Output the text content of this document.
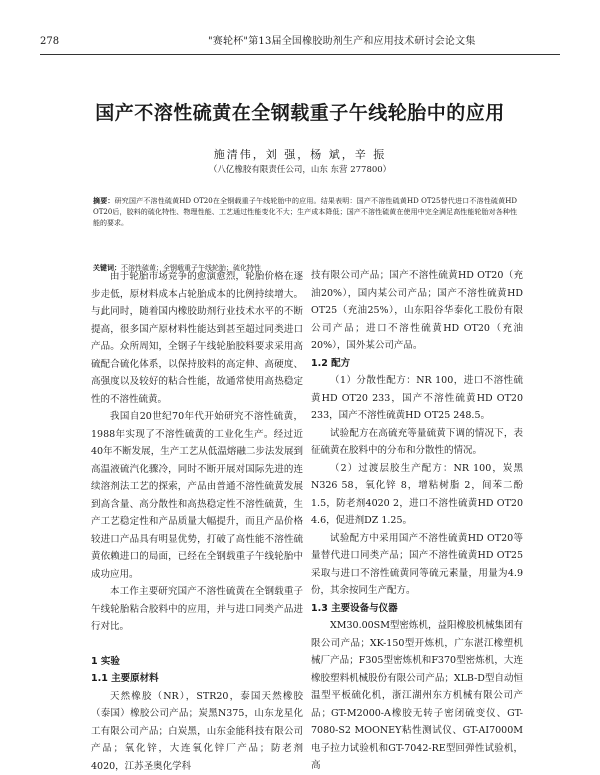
278	"赛轮杯"第13届全国橡胶助剂生产和应用技术研讨会论文集
国产不溶性硫黄在全钢载重子午线轮胎中的应用
施清伟，刘 强，杨 斌，辛 振
（八亿橡胶有限责任公司，山东 东营 277800）
摘要：研究国产不溶性硫黄HD OT20在全钢载重子午线轮胎中的应用。结果表明：国产不溶性硫黄HD OT25替代进口不溶性硫黄HD OT20后，胶料的硫化特性、物理性能、工艺通过性能变化不大；生产成本降低；国产不溶性硫黄在使用中完全满足高性能轮胎对各种性能的要求。
关键词：不溶性硫黄；全钢载重子午线轮胎；硫化特性

由于轮胎市场竞争的愈演愈烈，轮胎价格在逐步走低，原材料成本占轮胎成本的比例持续增大。与此同时，随着国内橡胶助剂行业技术水平的不断提高，很多国产原材料性能达到甚至超过同类进口产品。众所周知，全钢子午线轮胎胶料要求采用高硫配合硫化体系，以保持胶料的高定伸、高硬度、高强度以及较好的粘合性能，故通常使用高热稳定性的不溶性硫黄。

我国自20世纪70年代开始研究不溶性硫黄，1988年实现了不溶性硫黄的工业化生产。经过近40年不断发展，生产工艺从低温熔融二步法发展到高温液硫汽化骤冷，同时不断开展对国际先进的连续溶剂法工艺的探索，产品由普通不溶性硫黄发展到高含量、高分散性和高热稳定性不溶性硫黄，生产工艺稳定性和产品质量大幅提升，而且产品价格较进口产品具有明显优势，打破了高性能不溶性硫黄依赖进口的局面，已经在全钢载重子午线轮胎中成功应用。

本工作主要研究国产不溶性硫黄在全钢载重子午线轮胎粘合胶料中的应用，并与进口同类产品进行对比。

1 实验

1.1 主要原材料

天然橡胶（NR），STR20，泰国天然橡胶（泰国）橡胶公司产品；炭黑N375，山东龙星化工有限公司产品；白炭黑，山东金能科技有限公司产品；氧化锌，大连氧化锌厂产品；防老剂4020，江苏圣奥化学科

技有限公司产品；国产不溶性硫黄HD OT20（充油20%），国内某公司产品；国产不溶性硫黄HD OT25（充油25%），山东阳谷华泰化工股份有限公司产品；进口不溶性硫黄HD OT20（充油20%），国外某公司产品。

1.2 配方

（1）分散性配方：NR 100，进口不溶性硫黄HD OT20 233，国产不溶性硫黄HD OT20 233，国产不溶性硫黄HD OT25 248.5。

试验配方在高硫充等量硫黄下调的情况下，表征硫黄在胶料中的分布和分散性的情况。

（2）过渡层胶生产配方：NR 100，炭黑N326 58，氧化锌 8，增粘树脂 2，间苯二酚 1.5，防老剂4020 2，进口不溶性硫黄HD OT20 4.6，促进剂DZ 1.25。

试验配方中采用国产不溶性硫黄HD OT20等量替代进口同类产品；国产不溶性硫黄HD OT25采取与进口不溶性硫黄同等硫元素量，用量为4.9份，其余按同生产配方。

1.3 主要设备与仪器

XM30.00SM型密炼机，益阳橡胶机械集团有限公司产品；XK-150型开炼机，广东湛江橡塑机械厂产品；F305型密炼机和F370型密炼机，大连橡胶塑料机械股份有限公司产品；XLB-D型自动恒温型平板硫化机，浙江湖州东方机械有限公司产品；GT-M2000-A橡胶无转子密闭硫变仪、GT-7080-S2 MOONEY粘性测试仪、GT-AI7000M电子拉力试验机和GT-7042-RE型回弹性试验机，高
